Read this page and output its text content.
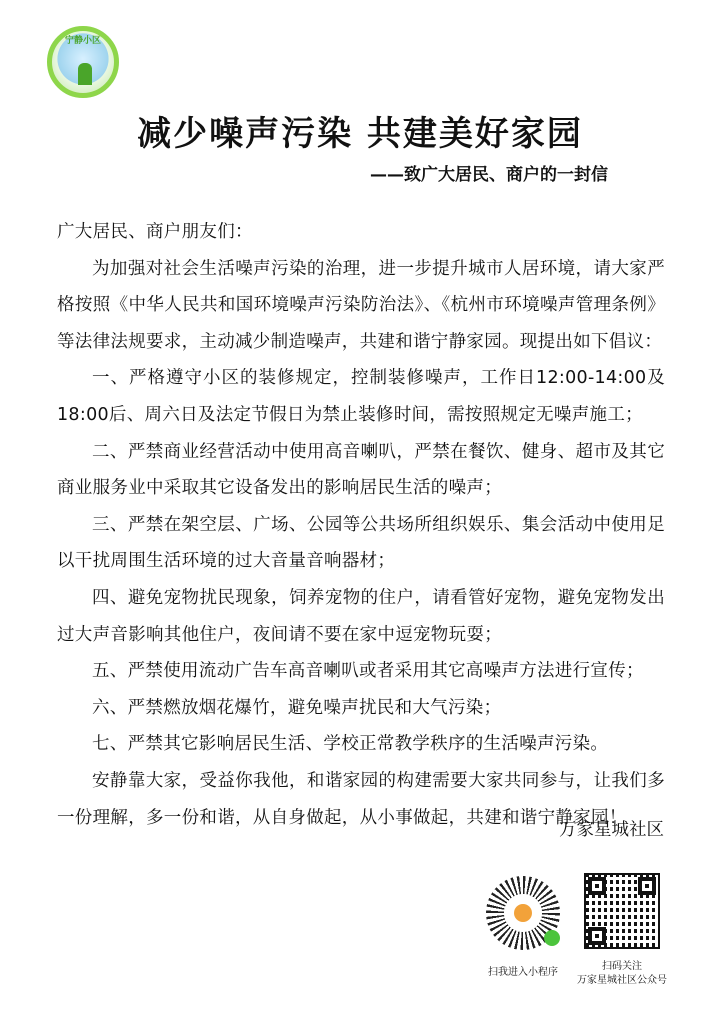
宁静小区
减少噪声污染 共建美好家园
——致广大居民、商户的一封信

广大居民、商户朋友们：

为加强对社会生活噪声污染的治理，进一步提升城市人居环境，请大家严格按照《中华人民共和国环境噪声污染防治法》、《杭州市环境噪声管理条例》等法律法规要求，主动减少制造噪声，共建和谐宁静家园。现提出如下倡议：

一、严格遵守小区的装修规定，控制装修噪声，工作日12:00-14:00及18:00后、周六日及法定节假日为禁止装修时间，需按照规定无噪声施工；

二、严禁商业经营活动中使用高音喇叭，严禁在餐饮、健身、超市及其它商业服务业中采取其它设备发出的影响居民生活的噪声；

三、严禁在架空层、广场、公园等公共场所组织娱乐、集会活动中使用足以干扰周围生活环境的过大音量音响器材；

四、避免宠物扰民现象，饲养宠物的住户，请看管好宠物，避免宠物发出过大声音影响其他住户，夜间请不要在家中逗宠物玩耍；

五、严禁使用流动广告车高音喇叭或者采用其它高噪声方法进行宣传；

六、严禁燃放烟花爆竹，避免噪声扰民和大气污染；

七、严禁其它影响居民生活、学校正常教学秩序的生活噪声污染。

安静靠大家，受益你我他，和谐家园的构建需要大家共同参与，让我们多一份理解，多一份和谐，从自身做起，从小事做起，共建和谐宁静家园！

万家星城社区
扫我进入小程序
扫码关注
万家星城社区公众号
